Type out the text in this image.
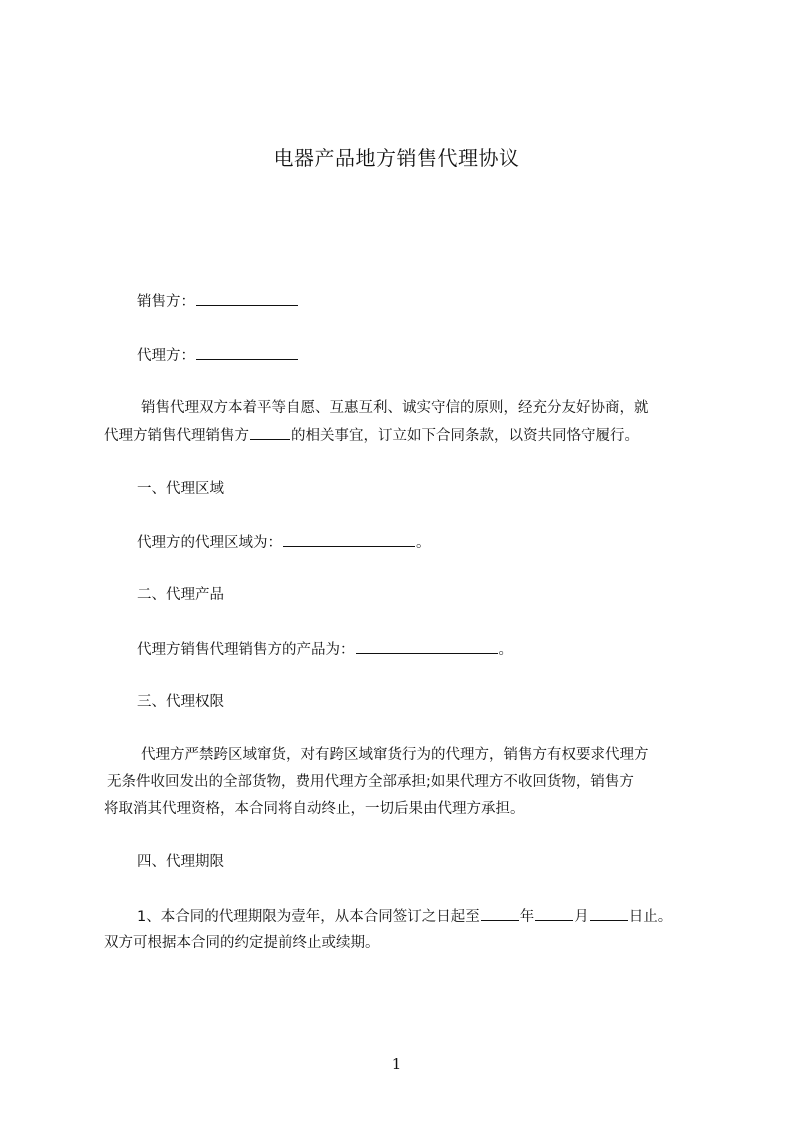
电器产品地方销售代理协议
销售方：
代理方：
销售代理双方本着平等自愿、互惠互利、诚实守信的原则，经充分友好协商，就
代理方销售代理销售方	的相关事宜，订立如下合同条款，以资共同恪守履行。
一、代理区域
代理方的代理区域为：	。
二、代理产品
代理方销售代理销售方的产品为：	。
三、代理权限
代理方严禁跨区域窜货，对有跨区域窜货行为的代理方，销售方有权要求代理方
无条件收回发出的全部货物，费用代理方全部承担;如果代理方不收回货物，销售方
将取消其代理资格，本合同将自动终止，一切后果由代理方承担。
四、代理期限
1、本合同的代理期限为壹年，从本合同签订之日起至	年	月	日止。
双方可根据本合同的约定提前终止或续期。
1
